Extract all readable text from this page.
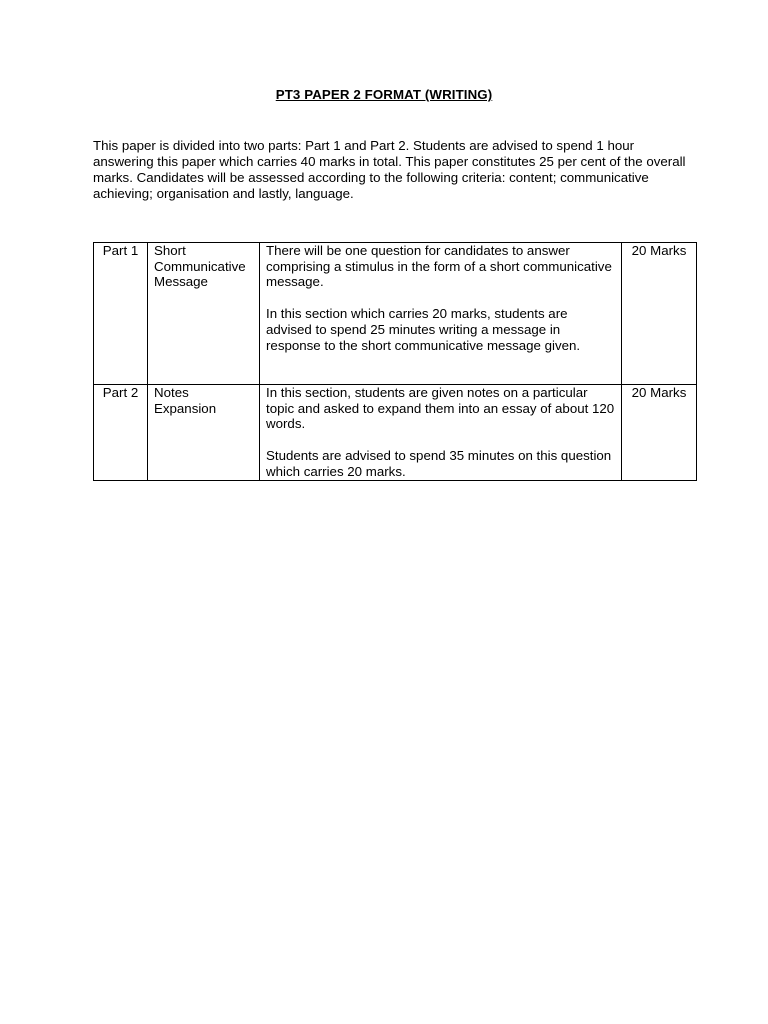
PT3 PAPER 2 FORMAT (WRITING)

This paper is divided into two parts: Part 1 and Part 2. Students are advised to spend 1 hour answering this paper which carries 40 marks in total. This paper constitutes 25 per cent of the overall marks. Candidates will be assessed according to the following criteria: content; communicative achieving; organisation and lastly, language.

Part 1	Short Communicative Message	There will be one question for candidates to answer comprising a stimulus in the form of a short communicative message.

In this section which carries 20 marks, students are advised to spend 25 minutes writing a message in response to the short communicative message given.	20 Marks
Part 2	Notes Expansion	In this section, students are given notes on a particular topic and asked to expand them into an essay of about 120 words.

Students are advised to spend 35 minutes on this question which carries 20 marks.	20 Marks
